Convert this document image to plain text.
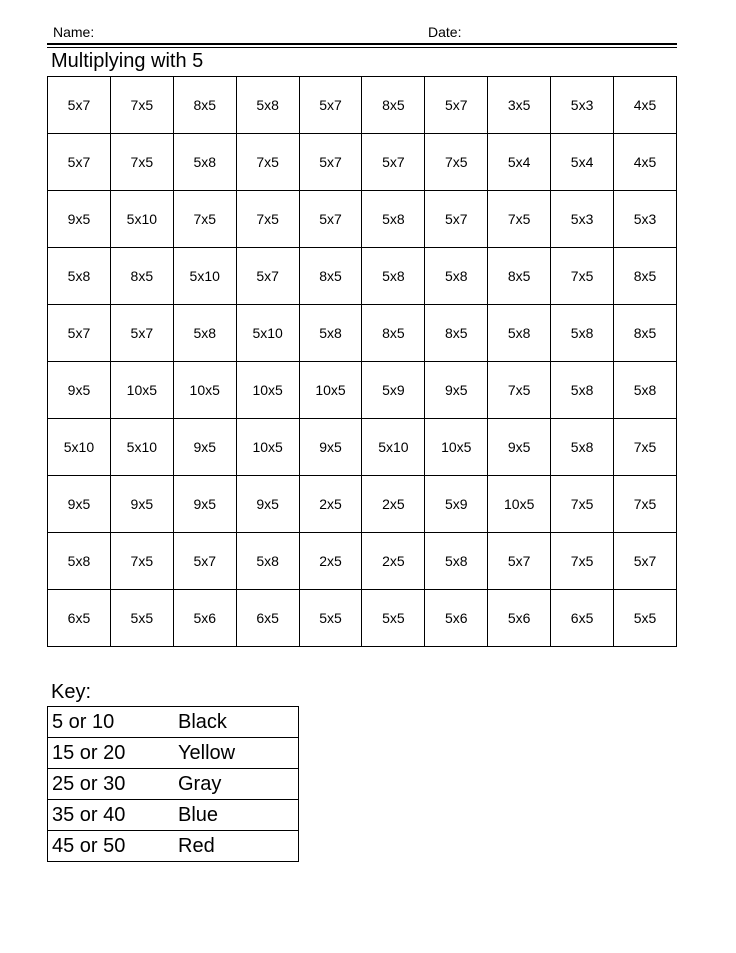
Name:	Date:
Multiplying with 5
5x7	7x5	8x5	5x8	5x7	8x5	5x7	3x5	5x3	4x5
5x7	7x5	5x8	7x5	5x7	5x7	7x5	5x4	5x4	4x5
9x5	5x10	7x5	7x5	5x7	5x8	5x7	7x5	5x3	5x3
5x8	8x5	5x10	5x7	8x5	5x8	5x8	8x5	7x5	8x5
5x7	5x7	5x8	5x10	5x8	8x5	8x5	5x8	5x8	8x5
9x5	10x5	10x5	10x5	10x5	5x9	9x5	7x5	5x8	5x8
5x10	5x10	9x5	10x5	9x5	5x10	10x5	9x5	5x8	7x5
9x5	9x5	9x5	9x5	2x5	2x5	5x9	10x5	7x5	7x5
5x8	7x5	5x7	5x8	2x5	2x5	5x8	5x7	7x5	5x7
6x5	5x5	5x6	6x5	5x5	5x5	5x6	5x6	6x5	5x5
Key:
5 or 10	Black
15 or 20	Yellow
25 or 30	Gray
35 or 40	Blue
45 or 50	Red
